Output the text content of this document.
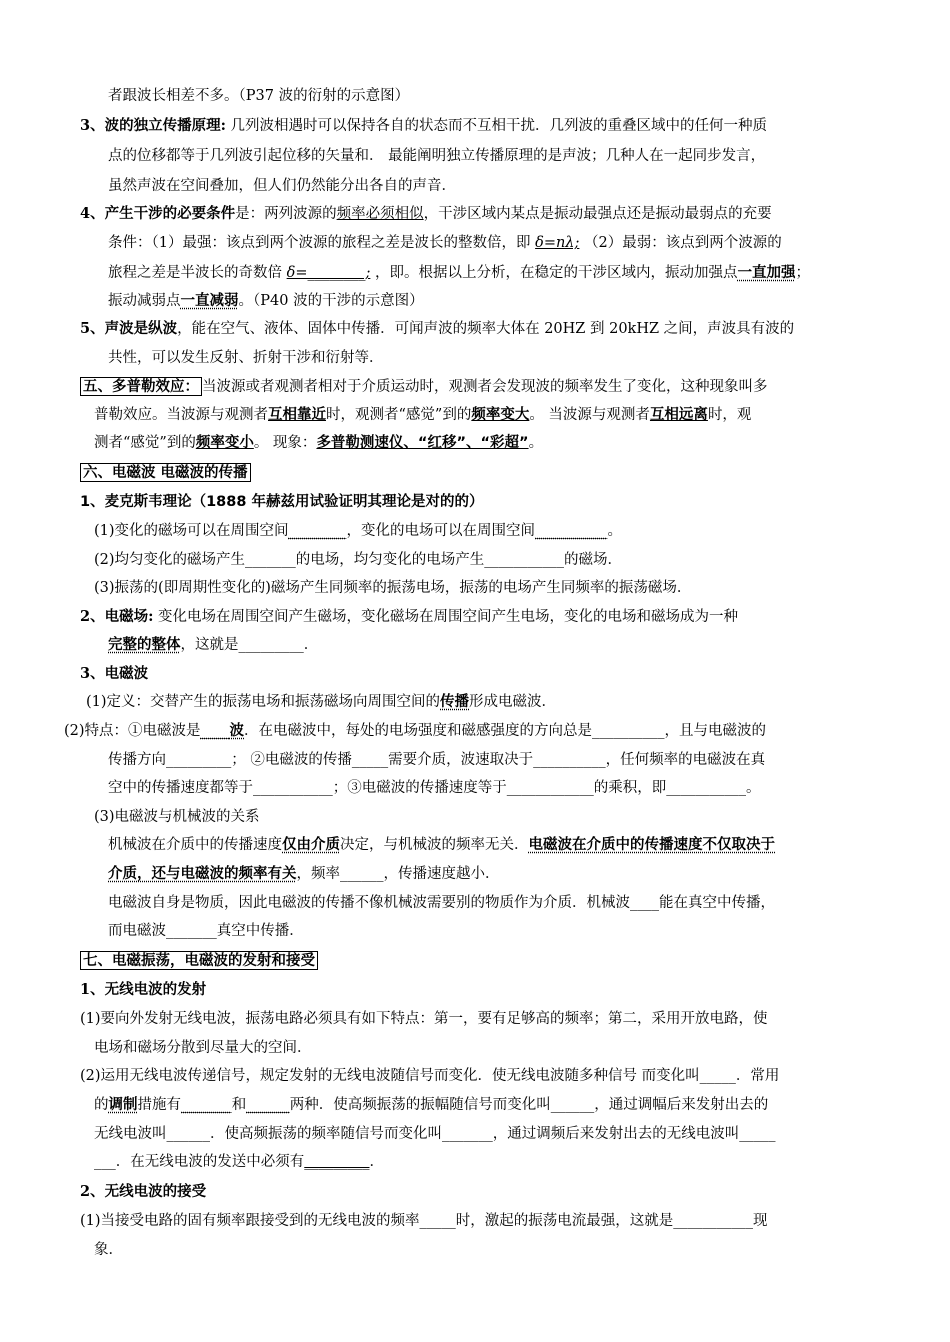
者跟波长相差不多。（P37 波的衍射的示意图）
3、波的独立传播原理: 几列波相遇时可以保持各自的状态而不互相干扰．几列波的重叠区域中的任何一种质
点的位移都等于几列波引起位移的矢量和． 最能阐明独立传播原理的是声波；几种人在一起同步发言，
虽然声波在空间叠加，但人们仍然能分出各自的声音．
4、产生干涉的必要条件是：两列波源的频率必须相似，干涉区域内某点是振动最强点还是振动最弱点的充要
条件：（1）最强：该点到两个波源的旅程之差是波长的整数倍，即 δ=nλ; （2）最弱：该点到两个波源的
旅程之差是半波长的奇数倍 δ=________; ，即。根据以上分析，在稳定的干涉区域内，振动加强点一直加强；
振动减弱点一直减弱。（P40 波的干涉的示意图）
5、声波是纵波，能在空气、液体、固体中传播．可闻声波的频率大体在 20HZ 到 20kHZ 之间，声波具有波的
共性，可以发生反射、折射干涉和衍射等．
五、多普勒效应： 当波源或者观测者相对于介质运动时，观测者会发现波的频率发生了变化，这种现象叫多
普勒效应。当波源与观测者互相靠近时，观测者“感觉”到的频率变大。 当波源与观测者互相远离时，观
测者“感觉”到的频率变小。 现象：多普勒测速仪、“红移”、“彩超”。
六、电磁波 电磁波的传播
1、麦克斯韦理论（1888 年赫兹用试验证明其理论是对的的）
(1)变化的磁场可以在周围空间________，变化的电场可以在周围空间__________。
(2)均匀变化的磁场产生_______的电场，均匀变化的电场产生___________的磁场．
(3)振荡的(即周期性变化的)磁场产生同频率的振荡电场，振荡的电场产生同频率的振荡磁场．
2、电磁场: 变化电场在周围空间产生磁场，变化磁场在周围空间产生电场，变化的电场和磁场成为一种
完整的整体，这就是_________．
3、电磁波
(1)定义：交替产生的振荡电场和振荡磁场向周围空间的传播形成电磁波．
(2)特点：①电磁波是____波．在电磁波中，每处的电场强度和磁感强度的方向总是__________，且与电磁波的
传播方向_________； ②电磁波的传播_____需要介质，波速取决于__________，任何频率的电磁波在真
空中的传播速度都等于___________；③电磁波的传播速度等于____________的乘积，即___________。
(3)电磁波与机械波的关系
机械波在介质中的传播速度仅由介质决定，与机械波的频率无关．电磁波在介质中的传播速度不仅取决于
介质，还与电磁波的频率有关，频率______，传播速度越小．
电磁波自身是物质，因此电磁波的传播不像机械波需要别的物质作为介质．机械波____能在真空中传播，
而电磁波_______真空中传播．
七、电磁振荡，电磁波的发射和接受
1、无线电波的发射
(1)要向外发射无线电波，振荡电路必须具有如下特点：第一，要有足够高的频率；第二，采用开放电路，使
电场和磁场分散到尽量大的空间．
(2)运用无线电波传递信号，规定发射的无线电波随信号而变化．使无线电波随多种信号 而变化叫_____．常用
的调制措施有_______和______两种．使高频振荡的振幅随信号而变化叫______，通过调幅后来发射出去的
无线电波叫______．使高频振荡的频率随信号而变化叫_______，通过调频后来发射出去的无线电波叫_____
___．在无线电波的发送中必须有_________．
2、无线电波的接受
(1)当接受电路的固有频率跟接受到的无线电波的频率_____时，激起的振荡电流最强，这就是___________现
象．
